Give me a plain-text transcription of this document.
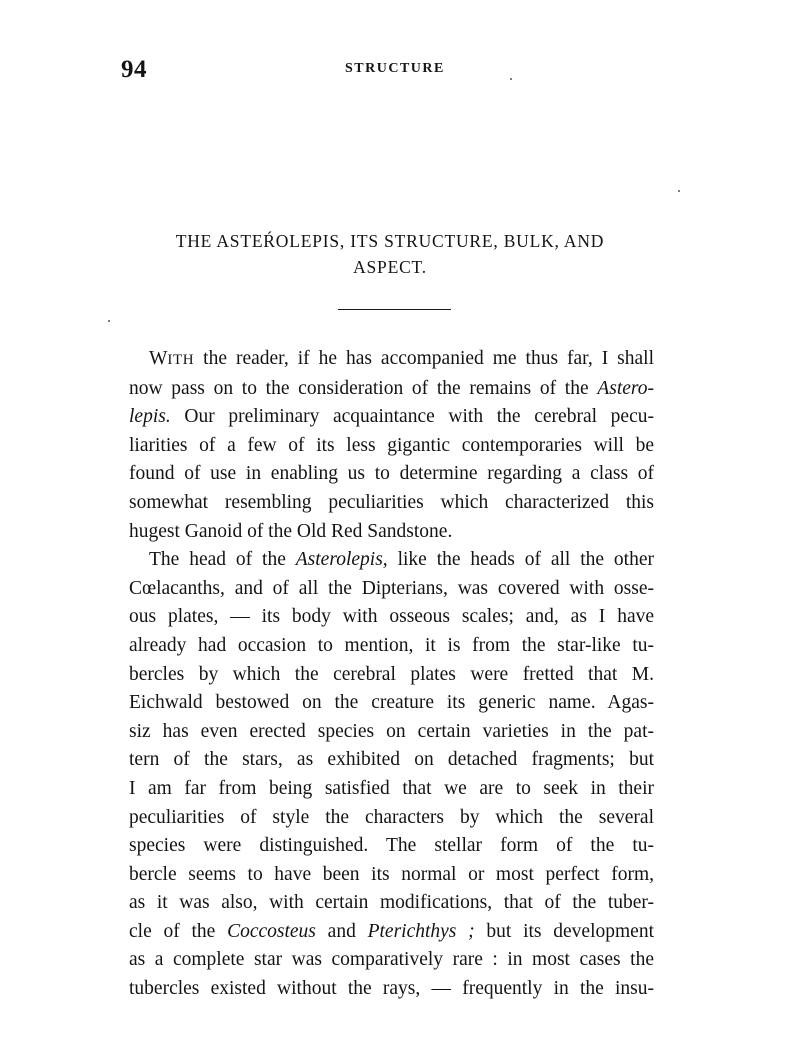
94	STRUCTURE
THE ASTEŔOLEPIS, ITS STRUCTURE, BULK, AND
ASPECT.
WITH the reader, if he has accompanied me thus far, I shall
now pass on to the consideration of the remains of the Astero-
lepis. Our preliminary acquaintance with the cerebral pecu-
liarities of a few of its less gigantic contemporaries will be
found of use in enabling us to determine regarding a class of
somewhat resembling peculiarities which characterized this
hugest Ganoid of the Old Red Sandstone.
The head of the Asterolepis, like the heads of all the other
Cœlacanths, and of all the Dipterians, was covered with osse-
ous plates, — its body with osseous scales; and, as I have
already had occasion to mention, it is from the star-like tu-
bercles by which the cerebral plates were fretted that M.
Eichwald bestowed on the creature its generic name. Agas-
siz has even erected species on certain varieties in the pat-
tern of the stars, as exhibited on detached fragments; but
I am far from being satisfied that we are to seek in their
peculiarities of style the characters by which the several
species were distinguished. The stellar form of the tu-
bercle seems to have been its normal or most perfect form,
as it was also, with certain modifications, that of the tuber-
cle of the Coccosteus and Pterichthys ; but its development
as a complete star was comparatively rare : in most cases the
tubercles existed without the rays, — frequently in the insu-
